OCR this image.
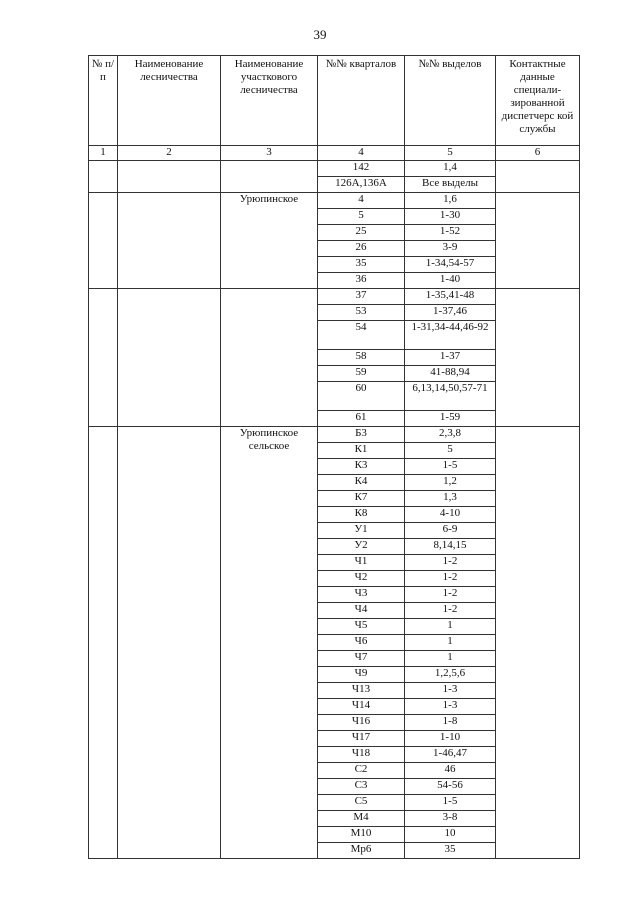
39
№ п/п	Наименование лесничества	Наименование участкового лесничества	№№ кварталов	№№ выделов	Контактные данные специали-зированной диспетчерс кой службы
1	2	3	4	5	6
			142	1,4	
			126А,136А	Все выделы	
		Урюпинское	4	1,6	
			5	1-30	
			25	1-52	
			26	3-9	
			35	1-34,54-57	
			36	1-40	
			37	1-35,41-48	
			53	1-37,46	
			54	1-31,34-44,46-92	
			58	1-37	
			59	41-88,94	
			60	6,13,14,50,57-71	
			61	1-59	
		Урюпинское сельское	Б3	2,3,8	
			К1	5	
			К3	1-5	
			К4	1,2	
			К7	1,3	
			К8	4-10	
			У1	6-9	
			У2	8,14,15	
			Ч1	1-2	
			Ч2	1-2	
			Ч3	1-2	
			Ч4	1-2	
			Ч5	1	
			Ч6	1	
			Ч7	1	
			Ч9	1,2,5,6	
			Ч13	1-3	
			Ч14	1-3	
			Ч16	1-8	
			Ч17	1-10	
			Ч18	1-46,47	
			С2	46	
			С3	54-56	
			С5	1-5	
			М4	3-8	
			М10	10	
			Мр6	35	
